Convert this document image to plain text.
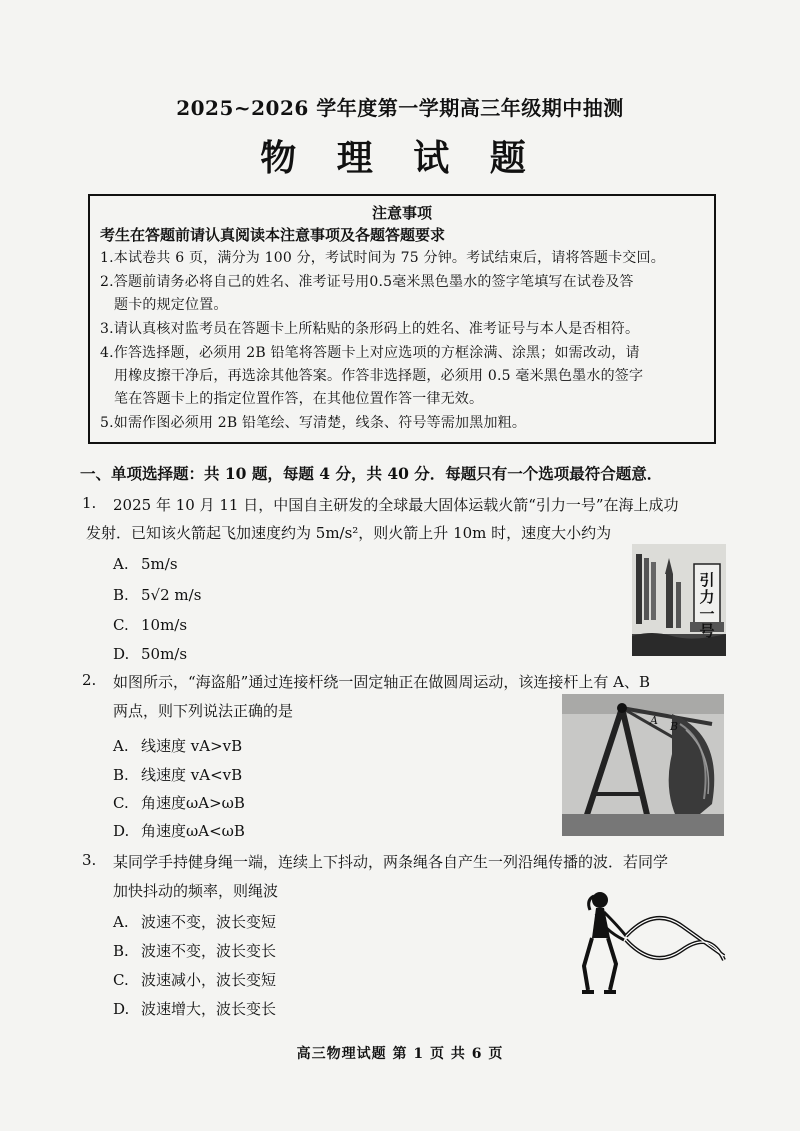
2025~2026 学年度第一学期高三年级期中抽测
物 理 试 题
注意事项
考生在答题前请认真阅读本注意事项及各题答题要求
1.本试卷共 6 页，满分为 100 分，考试时间为 75 分钟。考试结束后，请将答题卡交回。
2.答题前请务必将自己的姓名、准考证号用0.5毫米黑色墨水的签字笔填写在试卷及答
题卡的规定位置。
3.请认真核对监考员在答题卡上所粘贴的条形码上的姓名、准考证号与本人是否相符。
4.作答选择题，必须用 2B 铅笔将答题卡上对应选项的方框涂满、涂黑；如需改动，请
用橡皮擦干净后，再选涂其他答案。作答非选择题，必须用 0.5 毫米黑色墨水的签字
笔在答题卡上的指定位置作答，在其他位置作答一律无效。
5.如需作图必须用 2B 铅笔绘、写清楚，线条、符号等需加黑加粗。
一、单项选择题：共 10 题，每题 4 分，共 40 分．每题只有一个选项最符合题意．
1. 2025 年 10 月 11 日，中国自主研发的全球最大固体运载火箭“引力一号”在海上成功
发射．已知该火箭起飞加速度约为 5m/s²，则火箭上升 10m 时，速度大小约为
A. 5m/s
B. 5√2 m/s
C. 10m/s
D. 50m/s
引力一号
2. 如图所示，“海盗船”通过连接杆绕一固定轴正在做圆周运动，该连接杆上有 A、B
两点，则下列说法正确的是
A. 线速度 vA>vB
B. 线速度 vA<vB
C. 角速度ωA>ωB
D. 角速度ωA<ωB
A B
3. 某同学手持健身绳一端，连续上下抖动，两条绳各自产生一列沿绳传播的波．若同学
加快抖动的频率，则绳波
A. 波速不变，波长变短
B. 波速不变，波长变长
C. 波速减小，波长变短
D. 波速增大，波长变长
高三物理试题 第 1 页 共 6 页
